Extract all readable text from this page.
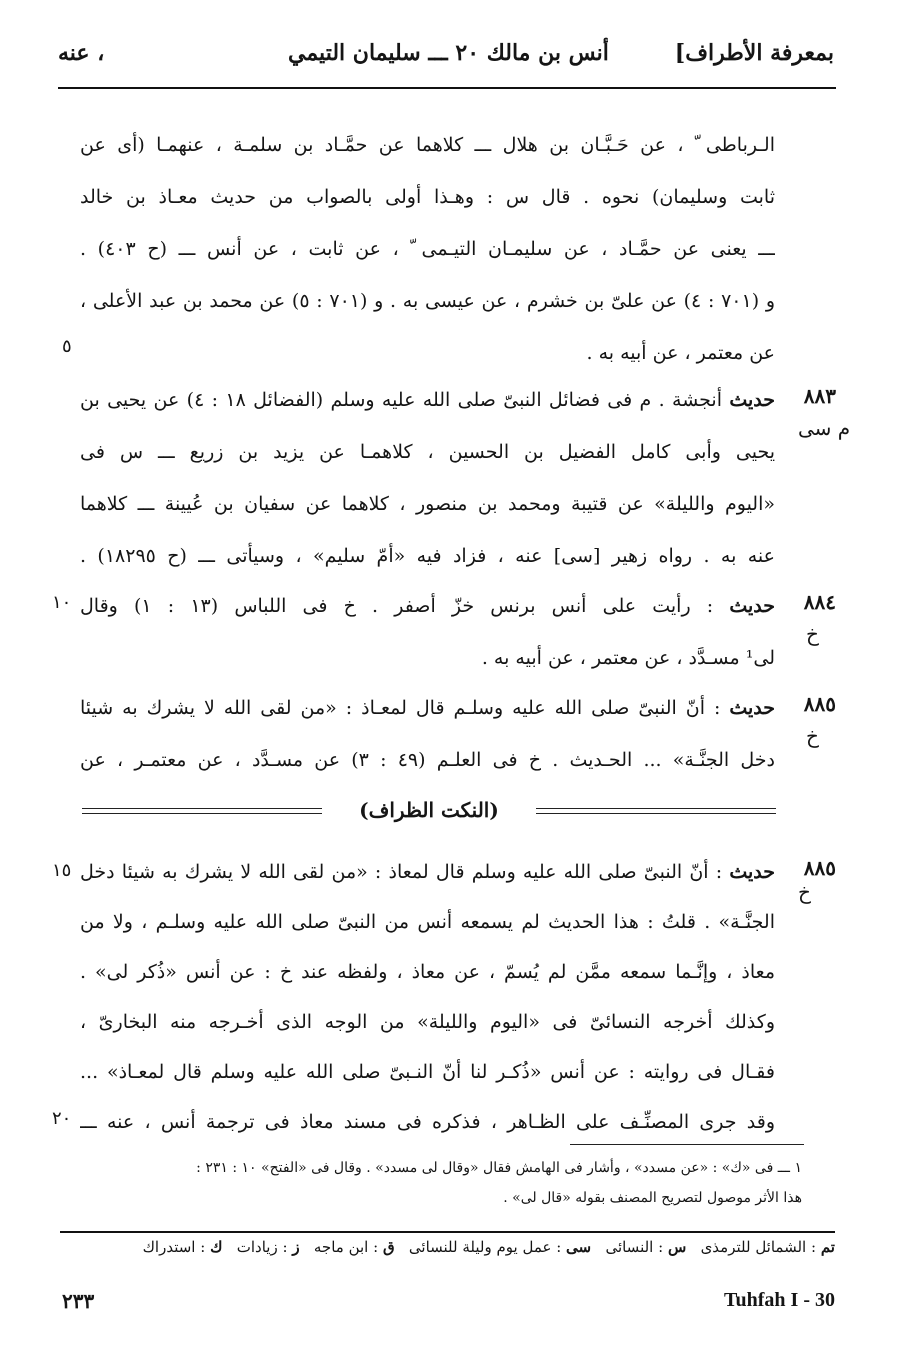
بمعرفة الأطراف]
أنس بن مالك ٢٠ ـــ سليمان التيمي
، عنه
الـرباطى ّ ، عن حَـبَّـان بن هلال ـــ كلاهما عن حمَّـاد بن سلمـة ، عنهمـا (أى عن
ثابت وسليمان) نحوه . قال س : وهـذا أولى بالصواب من حديث معـاذ بن خالد
ـــ يعنى عن حمَّـاد ، عن سليمـان التيـمى ّ ، عن ثابت ، عن أنس ـــ (ح ٤٠٣) .
و (٧٠١ : ٤) عن علىّ بن خشرم ، عن عيسى به . و (٧٠١ : ٥) عن محمد بن عبد الأعلى ،
عن معتمر ، عن أبيه به .
٥
٨٨٣
م سى
حديث أنجشة . م فى فضائل النبىّ صلى الله عليه وسلم (الفضائل ١٨ : ٤) عن يحيى بن
يحيى وأبى كامل الفضيل بن الحسين ، كلاهمـا عن يزيد بن زريع ـــ س فى
«اليوم والليلة» عن قتيبة ومحمد بن منصور ، كلاهما عن سفيان بن عُيينة ـــ كلاهما
عنه به . رواه زهير [سى] عنه ، فزاد فيه «أمّ سليم» ، وسيأتى ـــ (ح ١٨٢٩٥) .
٨٨٤
خ
حديث : رأيت على أنس برنس خزّ أصفر . خ فى اللباس (١٣ : ١) وقال
لى¹ مسـدَّد ، عن معتمر ، عن أبيه به .
١٠
٨٨٥
خ
حديث : أنّ النبىّ صلى الله عليه وسلـم قال لمعـاذ : «من لقى الله لا يشرك به شيئا
دخل الجنَّـة» ... الحـديث . خ فى العلـم (٤٩ : ٣) عن مسـدَّد ، عن معتمـر ، عن
(النكت الظراف)
٨٨٥
خ
١٥	حديث : أنّ النبىّ صلى الله عليه وسلم قال لمعاذ : «من لقى الله لا يشرك به شيئا دخل
الجنَّـة» . قلتُ : هذا الحديث لم يسمعه أنس من النبىّ صلى الله عليه وسلـم ، ولا من
معاذ ، وإنَّـما سمعه ممَّن لم يُسمّ ، عن معاذ ، ولفظه عند خ : عن أنس «ذُكر لى» .
وكذلك أخرجه النسائىّ فى «اليوم والليلة» من الوجه الذى أخـرجه منه البخارىّ ،
فقـال فى روايته : عن أنس «ذُكـر لنا أنّ النـبىّ صلى الله عليه وسلم قال لمعـاذ» ...
وقد جرى المصنِّـف على الظـاهر ، فذكره فى مسند معاذ فى ترجمة أنس ، عنه ـــ
٢٠
١ ـــ فى «ك» : «عن مسدد» ، وأشار فى الهامش فقال «وقال لى مسدد» . وقال فى «الفتح» ١٠ : ٢٣١ :
هذا الأثر موصول لتصريح المصنف بقوله «قال لى» .
تم : الشمائل للترمذى   س : النسائى   سى : عمل يوم وليلة للنسائى   ق : ابن ماجه   ز : زيادات   ك : استدراك
٢٣٣	Tuhfah I - 30
